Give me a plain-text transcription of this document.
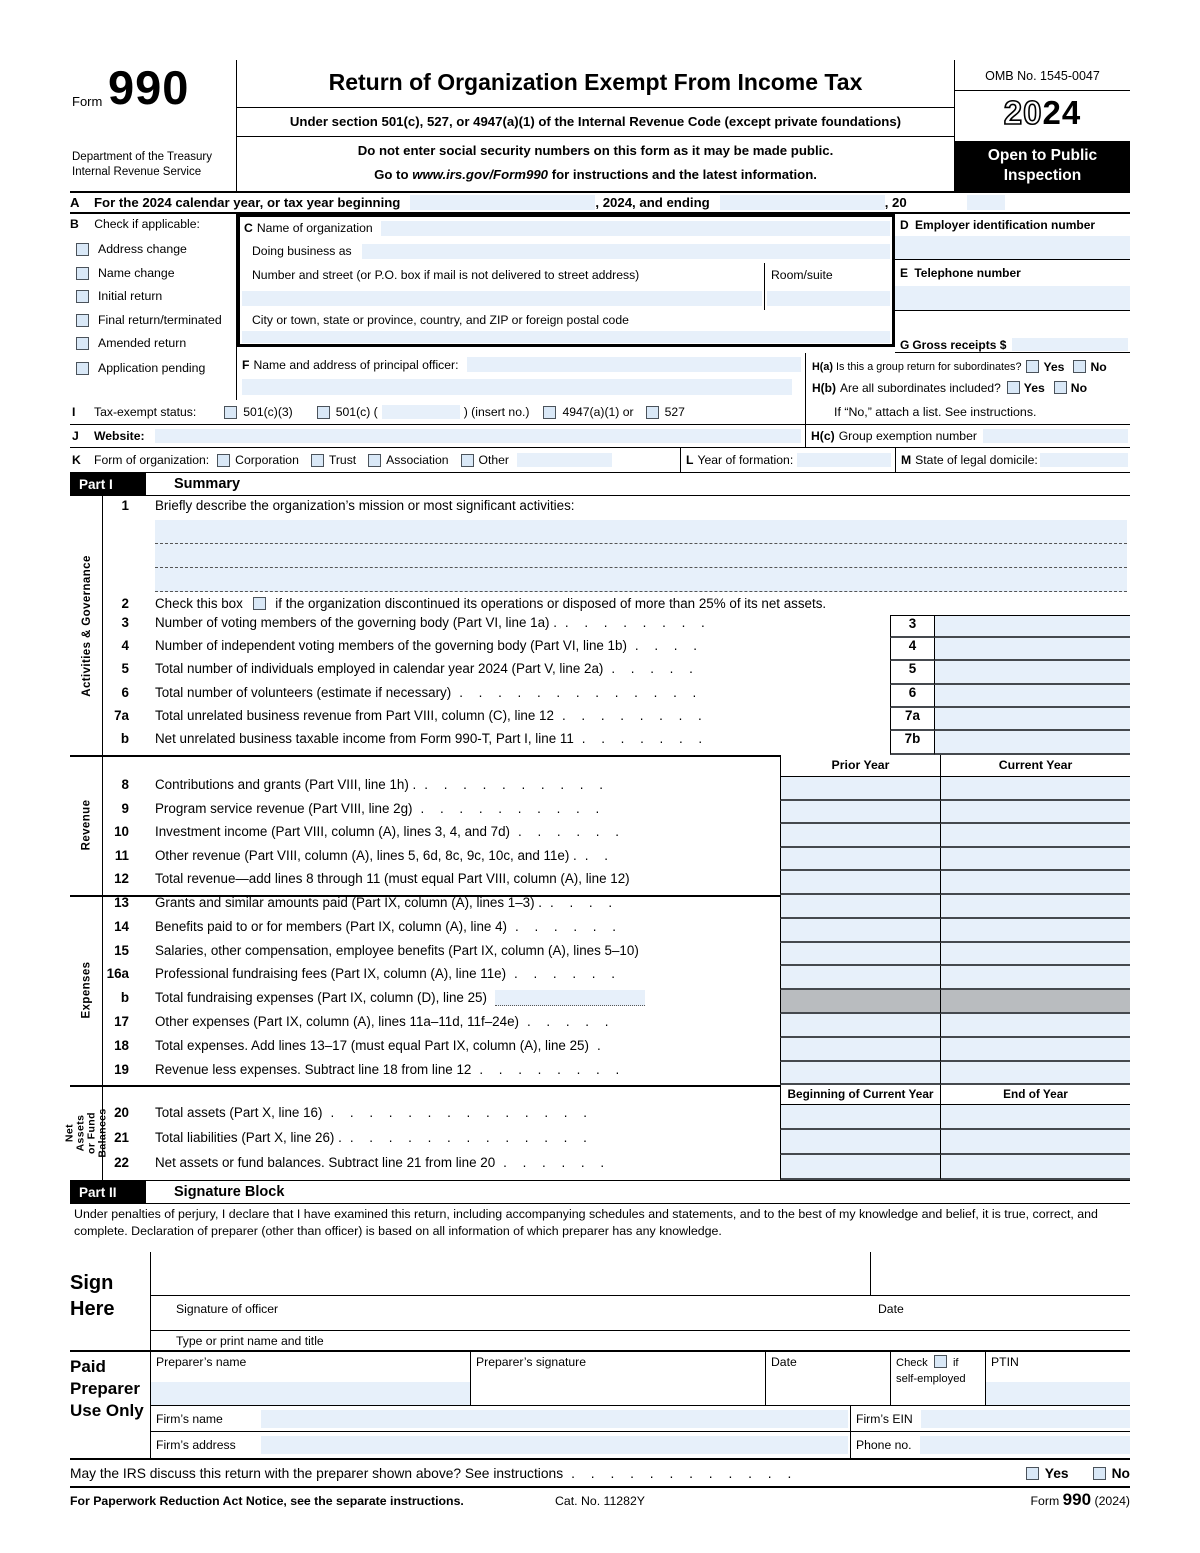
Form 990
Department of the Treasury
Internal Revenue Service
Return of Organization Exempt From Income Tax
Under section 501(c), 527, or 4947(a)(1) of the Internal Revenue Code (except private foundations)
Do not enter social security numbers on this form as it may be made public.
Go to www.irs.gov/Form990 for instructions and the latest information.
OMB No. 1545-0047
2024
Open to Public
Inspection
A	For the 2024 calendar year, or tax year beginning	, 2024, and ending	, 20
B Check if applicable:
Address change
Name change
Initial return
Final return/terminated
Amended return
Application pending
C Name of organization
Doing business as
Number and street (or P.O. box if mail is not delivered to street address)	Room/suite
City or town, state or province, country, and ZIP or foreign postal code
D Employer identification number
E Telephone number
G Gross receipts $
F Name and address of principal officer:	H(a) Is this a group return for subordinates? Yes No
H(b) Are all subordinates included? Yes No
I	Tax-exempt status:	501(c)(3)	501(c) (	) (insert no.)	4947(a)(1) or	527	If “No,” attach a list. See instructions.
J	Website:	H(c) Group exemption number
K	Form of organization: Corporation Trust Association Other	L Year of formation:	M State of legal domicile:
Part I	Summary
Activities & Governance
Revenue
Expenses
Net Assets or Fund Balances
1 Briefly describe the organization’s mission or most significant activities:
2 Check this box if the organization discontinued its operations or disposed of more than 25% of its net assets.
3 Number of voting members of the governing body (Part VI, line 1a) . . . . . . . . .	3
4 Number of independent voting members of the governing body (Part VI, line 1b) . . . .	4
5 Total number of individuals employed in calendar year 2024 (Part V, line 2a) . . . . .	5
6 Total number of volunteers (estimate if necessary) . . . . . . . . . . . . .	6
7a Total unrelated business revenue from Part VIII, column (C), line 12 . . . . . . . .	7a
b Net unrelated business taxable income from Form 990-T, Part I, line 11 . . . . . . .	7b
Prior Year	Current Year
8 Contributions and grants (Part VIII, line 1h) . . . . . . . . . . .
9 Program service revenue (Part VIII, line 2g) . . . . . . . . . .
10 Investment income (Part VIII, column (A), lines 3, 4, and 7d) . . . . . .
11 Other revenue (Part VIII, column (A), lines 5, 6d, 8c, 9c, 10c, and 11e) . . .
12 Total revenue—add lines 8 through 11 (must equal Part VIII, column (A), line 12)
13 Grants and similar amounts paid (Part IX, column (A), lines 1–3) . . . . .
14 Benefits paid to or for members (Part IX, column (A), line 4) . . . . . .
15 Salaries, other compensation, employee benefits (Part IX, column (A), lines 5–10)
16a Professional fundraising fees (Part IX, column (A), line 11e) . . . . . .
b Total fundraising expenses (Part IX, column (D), line 25)
17 Other expenses (Part IX, column (A), lines 11a–11d, 11f–24e) . . . . .
18 Total expenses. Add lines 13–17 (must equal Part IX, column (A), line 25) .
19 Revenue less expenses. Subtract line 18 from line 12 . . . . . . . .
Beginning of Current Year	End of Year
20 Total assets (Part X, line 16) . . . . . . . . . . . . . .
21 Total liabilities (Part X, line 26) . . . . . . . . . . . . . .
22 Net assets or fund balances. Subtract line 21 from line 20 . . . . . .
Part II	Signature Block
Under penalties of perjury, I declare that I have examined this return, including accompanying schedules and statements, and to the best of my knowledge and belief, it is true, correct, and complete. Declaration of preparer (other than officer) is based on all information of which preparer has any knowledge.
Sign
Here	Signature of officer	Date
Type or print name and title
Paid
Preparer
Use Only
Preparer’s name	Preparer’s signature	Date	Check if
self-employed
PTIN
Firm’s name	Firm’s EIN
Firm’s address	Phone no.
May the IRS discuss this return with the preparer shown above? See instructions . . . . . . . . . . . .	Yes	No
For Paperwork Reduction Act Notice, see the separate instructions.	Cat. No. 11282Y	Form 990 (2024)
